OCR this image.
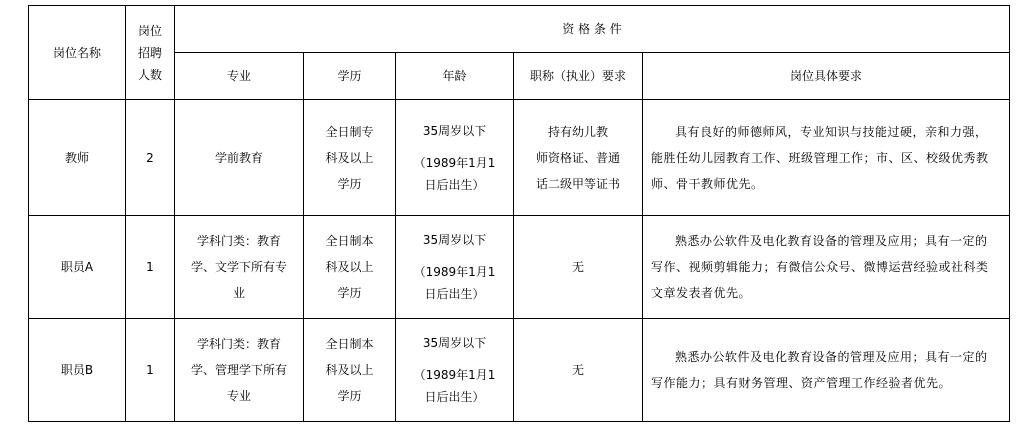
岗位名称	岗位
招聘
人数	资 格 条 件				
		专业	学历	年龄	职称（执业）要求	岗位具体要求
教师	2	学前教育	全日制专
科及以上
学历	35周岁以下
（1989年1月1
日后出生）	持有幼儿教
师资格证、普通
话二级甲等证书	具有良好的师德师风，专业知识与技能过硬，亲和力强，能胜任幼儿园教育工作、班级管理工作；市、区、校级优秀教师、骨干教师优先。

职员A	1	学科门类：教育
学、文学下所有专
业	全日制本
科及以上
学历	35周岁以下
（1989年1月1
日后出生）	无	熟悉办公软件及电化教育设备的管理及应用；具有一定的写作、视频剪辑能力；有微信公众号、微博运营经验或社科类文章发表者优先。

职员B	1	学科门类：教育
学、管理学下所有
专业	全日制本
科及以上
学历	35周岁以下
（1989年1月1
日后出生）	无	熟悉办公软件及电化教育设备的管理及应用；具有一定的写作能力；具有财务管理、资产管理工作经验者优先。
